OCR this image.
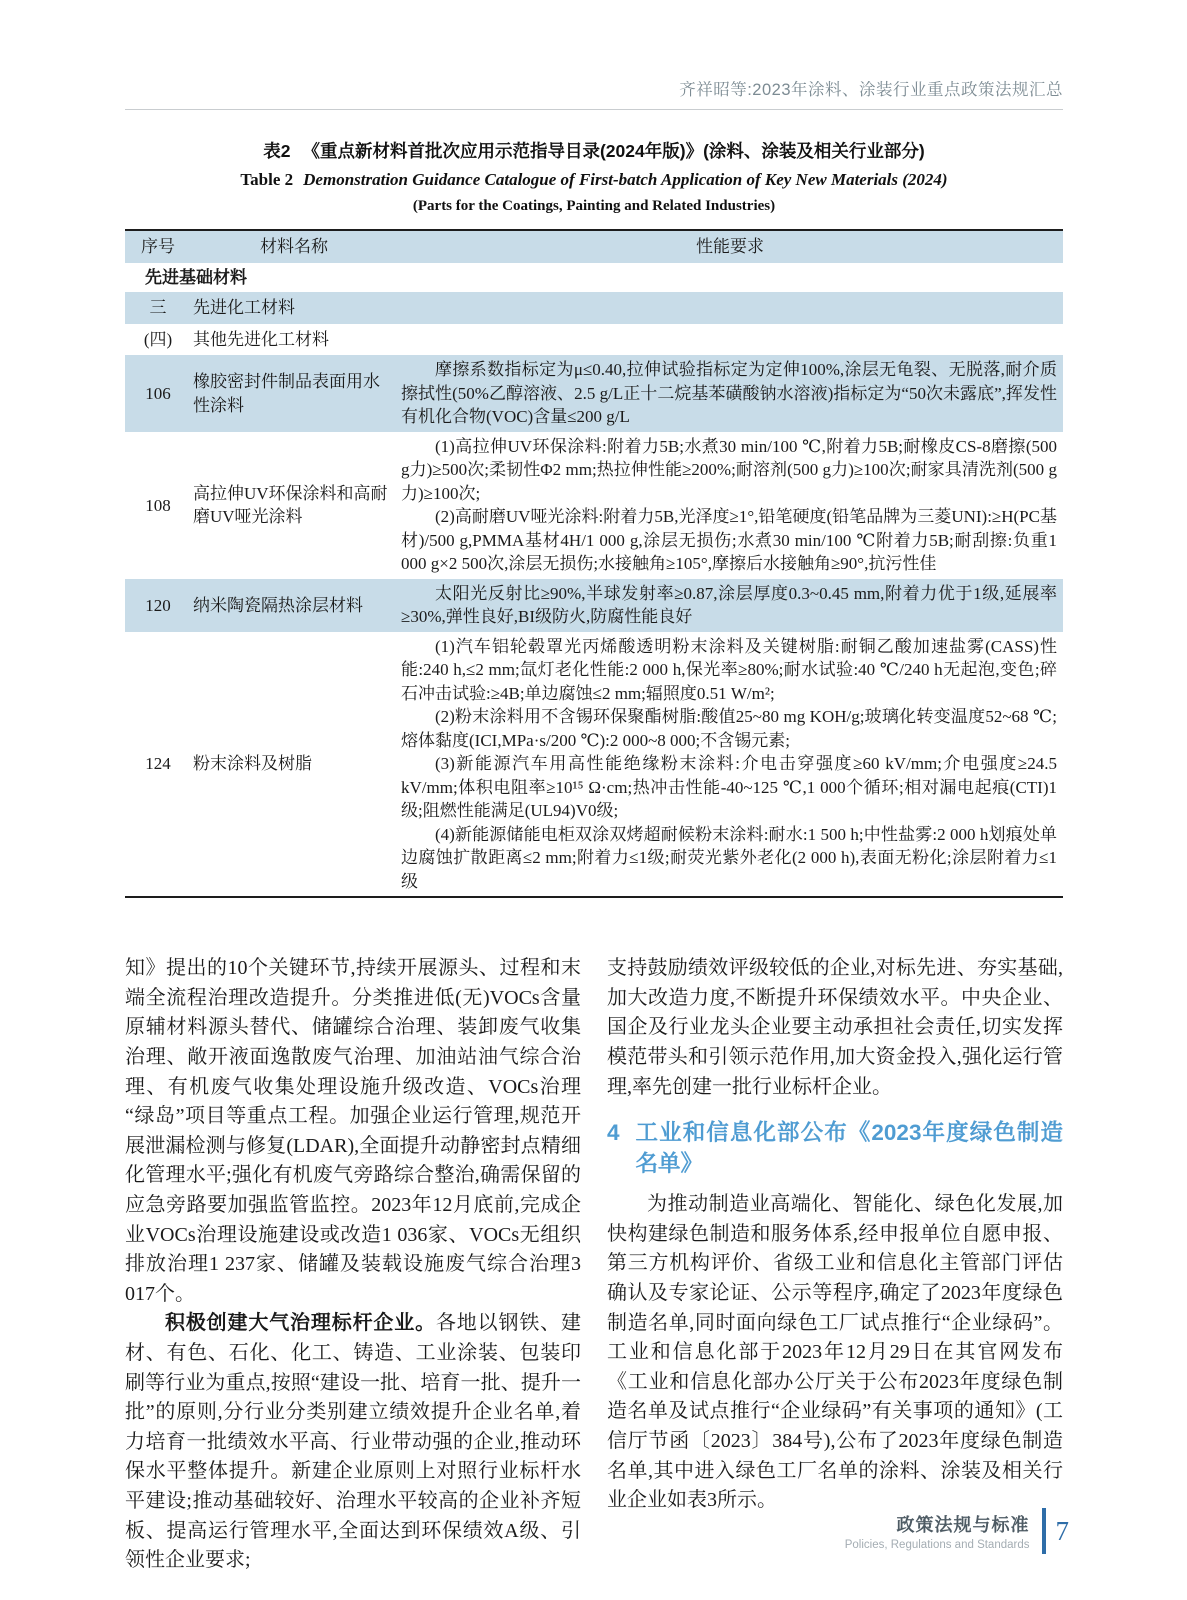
齐祥昭等:2023年涂料、涂装行业重点政策法规汇总
表2 《重点新材料首批次应用示范指导目录(2024年版)》(涂料、涂装及相关行业部分)
Table 2 Demonstration Guidance Catalogue of First-batch Application of Key New Materials (2024)
(Parts for the Coatings, Painting and Related Industries)
序号	材料名称	性能要求
先进基础材料		
三	先进化工材料	
(四)	其他先进化工材料	
106	橡胶密封件制品表面用水性涂料	摩擦系数指标定为μ≤0.40,拉伸试验指标定为定伸100%,涂层无龟裂、无脱落,耐介质擦拭性(50%乙醇溶液、2.5 g/L正十二烷基苯磺酸钠水溶液)指标定为“50次未露底”,挥发性有机化合物(VOC)含量≤200 g/L

108	高拉伸UV环保涂料和高耐磨UV哑光涂料	(1)高拉伸UV环保涂料:附着力5B;水煮30 min/100 ℃,附着力5B;耐橡皮CS-8磨擦(500 g力)≥500次;柔韧性Φ2 mm;热拉伸性能≥200%;耐溶剂(500 g力)≥100次;耐家具清洗剂(500 g力)≥100次;

(2)高耐磨UV哑光涂料:附着力5B,光泽度≥1°,铅笔硬度(铅笔品牌为三菱UNI):≥H(PC基材)/500 g,PMMA基材4H/1 000 g,涂层无损伤;水煮30 min/100 ℃附着力5B;耐刮擦:负重1 000 g×2 500次,涂层无损伤;水接触角≥105°,摩擦后水接触角≥90°,抗污性佳

120	纳米陶瓷隔热涂层材料	太阳光反射比≥90%,半球发射率≥0.87,涂层厚度0.3~0.45 mm,附着力优于1级,延展率≥30%,弹性良好,BI级防火,防腐性能良好

124	粉末涂料及树脂	(1)汽车铝轮毂罩光丙烯酸透明粉末涂料及关键树脂:耐铜乙酸加速盐雾(CASS)性能:240 h,≤2 mm;氙灯老化性能:2 000 h,保光率≥80%;耐水试验:40 ℃/240 h无起泡,变色;碎石冲击试验:≥4B;单边腐蚀≤2 mm;辐照度0.51 W/m²;

(2)粉末涂料用不含锡环保聚酯树脂:酸值25~80 mg KOH/g;玻璃化转变温度52~68 ℃;熔体黏度(ICI,MPa·s/200 ℃):2 000~8 000;不含锡元素;

(3)新能源汽车用高性能绝缘粉末涂料:介电击穿强度≥60 kV/mm;介电强度≥24.5 kV/mm;体积电阻率≥10¹⁵ Ω·cm;热冲击性能-40~125 ℃,1 000个循环;相对漏电起痕(CTI)1级;阻燃性能满足(UL94)V0级;

(4)新能源储能电柜双涂双烤超耐候粉末涂料:耐水:1 500 h;中性盐雾:2 000 h划痕处单边腐蚀扩散距离≤2 mm;附着力≤1级;耐荧光紫外老化(2 000 h),表面无粉化;涂层附着力≤1级

知》提出的10个关键环节,持续开展源头、过程和末端全流程治理改造提升。分类推进低(无)VOCs含量原辅材料源头替代、储罐综合治理、装卸废气收集治理、敞开液面逸散废气治理、加油站油气综合治理、有机废气收集处理设施升级改造、VOCs治理“绿岛”项目等重点工程。加强企业运行管理,规范开展泄漏检测与修复(LDAR),全面提升动静密封点精细化管理水平;强化有机废气旁路综合整治,确需保留的应急旁路要加强监管监控。2023年12月底前,完成企业VOCs治理设施建设或改造1 036家、VOCs无组织排放治理1 237家、储罐及装载设施废气综合治理3 017个。

积极创建大气治理标杆企业。各地以钢铁、建材、有色、石化、化工、铸造、工业涂装、包装印刷等行业为重点,按照“建设一批、培育一批、提升一批”的原则,分行业分类别建立绩效提升企业名单,着力培育一批绩效水平高、行业带动强的企业,推动环保水平整体提升。新建企业原则上对照行业标杆水平建设;推动基础较好、治理水平较高的企业补齐短板、提高运行管理水平,全面达到环保绩效A级、引领性企业要求;

支持鼓励绩效评级较低的企业,对标先进、夯实基础,加大改造力度,不断提升环保绩效水平。中央企业、国企及行业龙头企业要主动承担社会责任,切实发挥模范带头和引领示范作用,加大资金投入,强化运行管理,率先创建一批行业标杆企业。

4 工业和信息化部公布《2023年度绿色制造名单》

为推动制造业高端化、智能化、绿色化发展,加快构建绿色制造和服务体系,经申报单位自愿申报、第三方机构评价、省级工业和信息化主管部门评估确认及专家论证、公示等程序,确定了2023年度绿色制造名单,同时面向绿色工厂试点推行“企业绿码”。工业和信息化部于2023年12月29日在其官网发布《工业和信息化部办公厅关于公布2023年度绿色制造名单及试点推行“企业绿码”有关事项的通知》(工信厅节函〔2023〕384号),公布了2023年度绿色制造名单,其中进入绿色工厂名单的涂料、涂装及相关行业企业如表3所示。

政策法规与标准
Policies, Regulations and Standards 7
